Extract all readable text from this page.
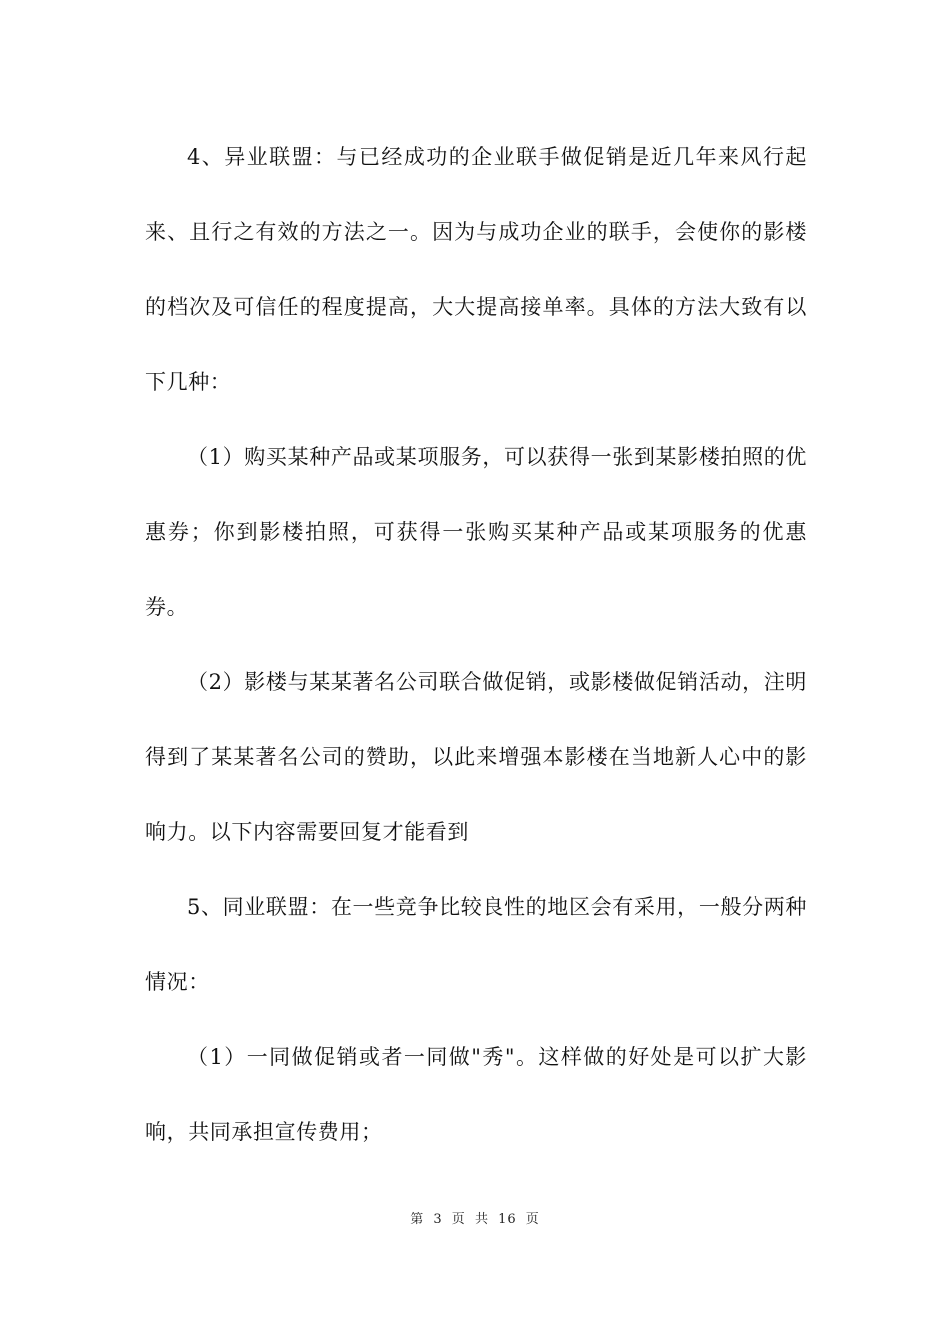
4、异业联盟：与已经成功的企业联手做促销是近几年来风行起来、且行之有效的方法之一。因为与成功企业的联手，会使你的影楼的档次及可信任的程度提高，大大提高接单率。具体的方法大致有以下几种：

（1）购买某种产品或某项服务，可以获得一张到某影楼拍照的优惠券；你到影楼拍照，可获得一张购买某种产品或某项服务的优惠券。

（2）影楼与某某著名公司联合做促销，或影楼做促销活动，注明得到了某某著名公司的赞助，以此来增强本影楼在当地新人心中的影响力。以下内容需要回复才能看到

5、同业联盟：在一些竞争比较良性的地区会有采用，一般分两种情况：

（1）一同做促销或者一同做"秀"。这样做的好处是可以扩大影响，共同承担宣传费用；

第 3 页 共 16 页
